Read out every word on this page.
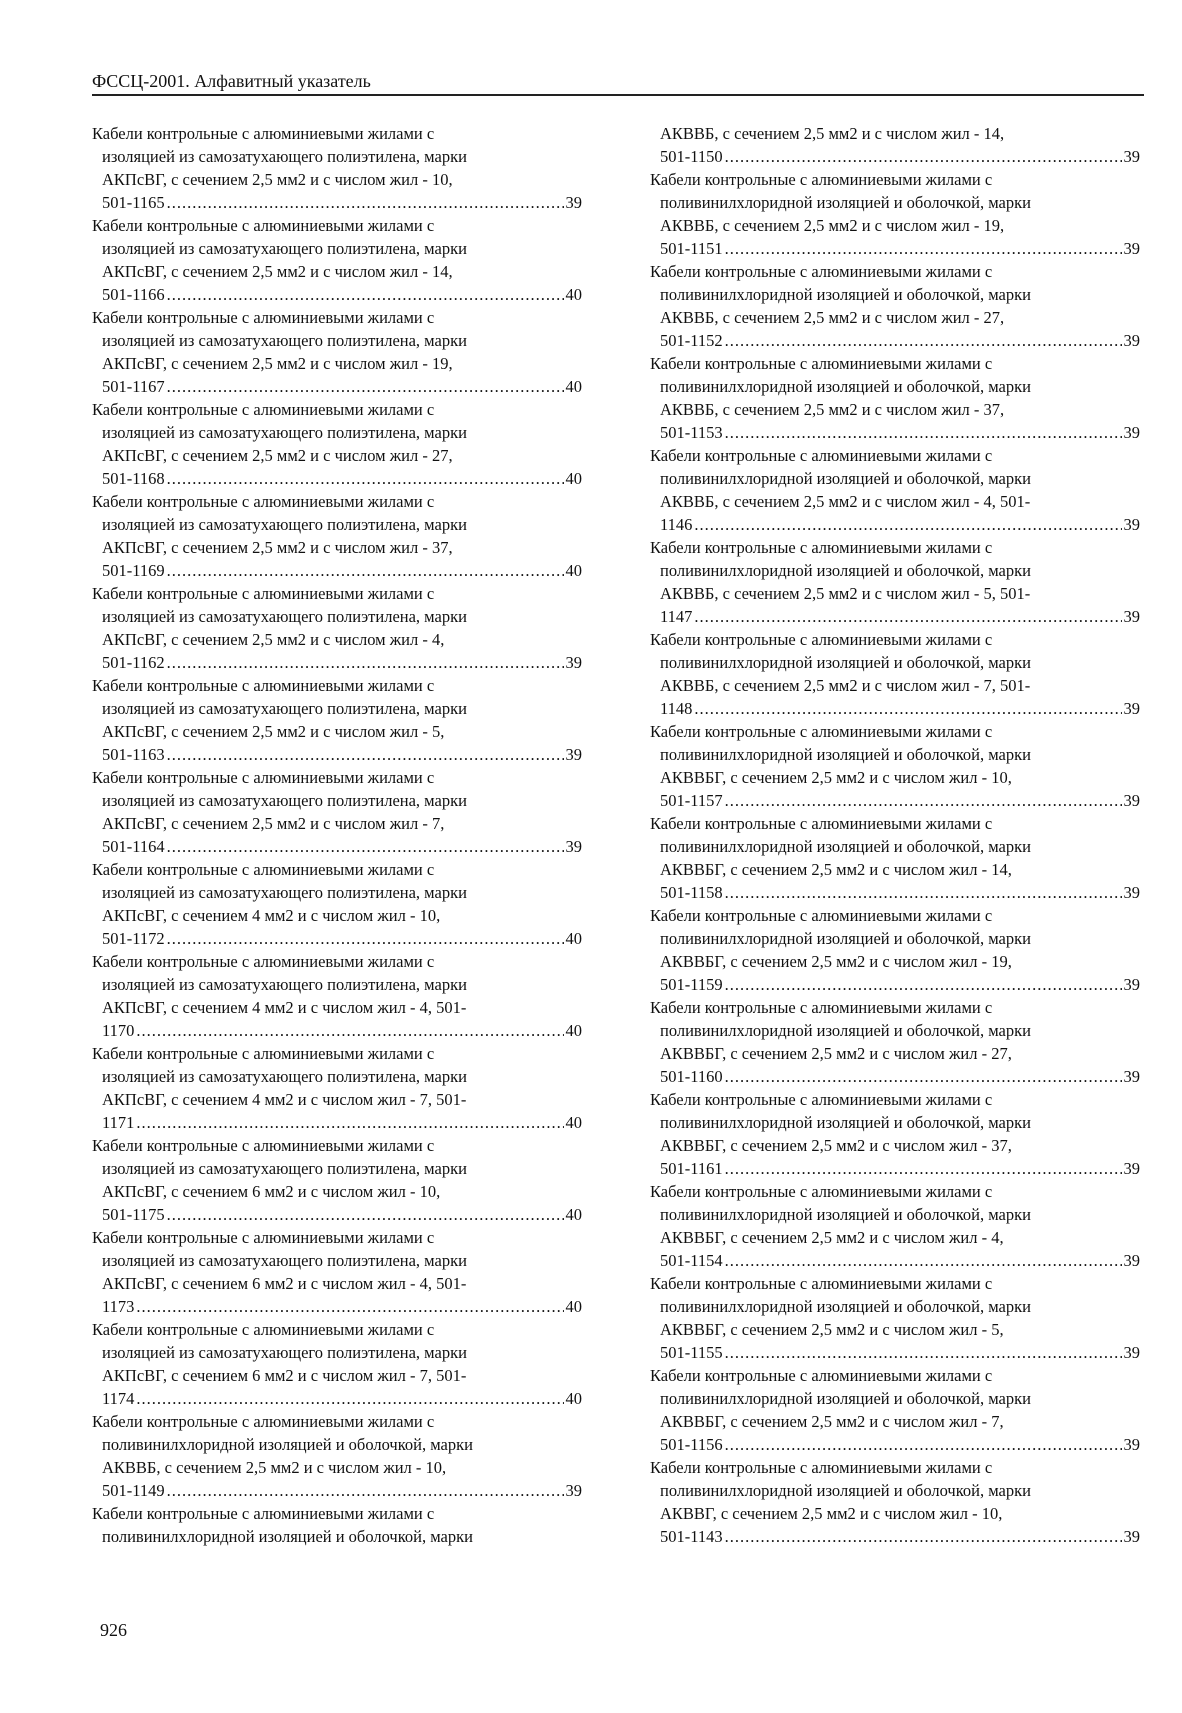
ФССЦ-2001. Алфавитный указатель
Кабели контрольные с алюминиевыми жилами с
изоляцией из самозатухающего полиэтилена, марки
АКПсВГ, с сечением 2,5 мм2 и с числом жил - 10,
501-1165 .....	39
Кабели контрольные с алюминиевыми жилами с
изоляцией из самозатухающего полиэтилена, марки
АКПсВГ, с сечением 2,5 мм2 и с числом жил - 14,
501-1166 .....	40
Кабели контрольные с алюминиевыми жилами с
изоляцией из самозатухающего полиэтилена, марки
АКПсВГ, с сечением 2,5 мм2 и с числом жил - 19,
501-1167 .....	40
Кабели контрольные с алюминиевыми жилами с
изоляцией из самозатухающего полиэтилена, марки
АКПсВГ, с сечением 2,5 мм2 и с числом жил - 27,
501-1168 .....	40
Кабели контрольные с алюминиевыми жилами с
изоляцией из самозатухающего полиэтилена, марки
АКПсВГ, с сечением 2,5 мм2 и с числом жил - 37,
501-1169 .....	40
Кабели контрольные с алюминиевыми жилами с
изоляцией из самозатухающего полиэтилена, марки
АКПсВГ, с сечением 2,5 мм2 и с числом жил - 4,
501-1162 .....	39
Кабели контрольные с алюминиевыми жилами с
изоляцией из самозатухающего полиэтилена, марки
АКПсВГ, с сечением 2,5 мм2 и с числом жил - 5,
501-1163 .....	39
Кабели контрольные с алюминиевыми жилами с
изоляцией из самозатухающего полиэтилена, марки
АКПсВГ, с сечением 2,5 мм2 и с числом жил - 7,
501-1164 .....	39
Кабели контрольные с алюминиевыми жилами с
изоляцией из самозатухающего полиэтилена, марки
АКПсВГ, с сечением 4 мм2 и с числом жил - 10,
501-1172 .....	40
Кабели контрольные с алюминиевыми жилами с
изоляцией из самозатухающего полиэтилена, марки
АКПсВГ, с сечением 4 мм2 и с числом жил - 4, 501-
1170 .....	40
Кабели контрольные с алюминиевыми жилами с
изоляцией из самозатухающего полиэтилена, марки
АКПсВГ, с сечением 4 мм2 и с числом жил - 7, 501-
1171 .....	40
Кабели контрольные с алюминиевыми жилами с
изоляцией из самозатухающего полиэтилена, марки
АКПсВГ, с сечением 6 мм2 и с числом жил - 10,
501-1175 .....	40
Кабели контрольные с алюминиевыми жилами с
изоляцией из самозатухающего полиэтилена, марки
АКПсВГ, с сечением 6 мм2 и с числом жил - 4, 501-
1173 .....	40
Кабели контрольные с алюминиевыми жилами с
изоляцией из самозатухающего полиэтилена, марки
АКПсВГ, с сечением 6 мм2 и с числом жил - 7, 501-
1174 .....	40
Кабели контрольные с алюминиевыми жилами с
поливинилхлоридной изоляцией и оболочкой, марки
АКВВБ, с сечением 2,5 мм2 и с числом жил - 10,
501-1149 .....	39
Кабели контрольные с алюминиевыми жилами с
поливинилхлоридной изоляцией и оболочкой, марки
АКВВБ, с сечением 2,5 мм2 и с числом жил - 14,
501-1150 .....	39
Кабели контрольные с алюминиевыми жилами с
поливинилхлоридной изоляцией и оболочкой, марки
АКВВБ, с сечением 2,5 мм2 и с числом жил - 19,
501-1151 .....	39
Кабели контрольные с алюминиевыми жилами с
поливинилхлоридной изоляцией и оболочкой, марки
АКВВБ, с сечением 2,5 мм2 и с числом жил - 27,
501-1152 .....	39
Кабели контрольные с алюминиевыми жилами с
поливинилхлоридной изоляцией и оболочкой, марки
АКВВБ, с сечением 2,5 мм2 и с числом жил - 37,
501-1153 .....	39
Кабели контрольные с алюминиевыми жилами с
поливинилхлоридной изоляцией и оболочкой, марки
АКВВБ, с сечением 2,5 мм2 и с числом жил - 4, 501-
1146 .....	39
Кабели контрольные с алюминиевыми жилами с
поливинилхлоридной изоляцией и оболочкой, марки
АКВВБ, с сечением 2,5 мм2 и с числом жил - 5, 501-
1147 .....	39
Кабели контрольные с алюминиевыми жилами с
поливинилхлоридной изоляцией и оболочкой, марки
АКВВБ, с сечением 2,5 мм2 и с числом жил - 7, 501-
1148 .....	39
Кабели контрольные с алюминиевыми жилами с
поливинилхлоридной изоляцией и оболочкой, марки
АКВВБГ, с сечением 2,5 мм2 и с числом жил - 10,
501-1157 .....	39
Кабели контрольные с алюминиевыми жилами с
поливинилхлоридной изоляцией и оболочкой, марки
АКВВБГ, с сечением 2,5 мм2 и с числом жил - 14,
501-1158 .....	39
Кабели контрольные с алюминиевыми жилами с
поливинилхлоридной изоляцией и оболочкой, марки
АКВВБГ, с сечением 2,5 мм2 и с числом жил - 19,
501-1159 .....	39
Кабели контрольные с алюминиевыми жилами с
поливинилхлоридной изоляцией и оболочкой, марки
АКВВБГ, с сечением 2,5 мм2 и с числом жил - 27,
501-1160 .....	39
Кабели контрольные с алюминиевыми жилами с
поливинилхлоридной изоляцией и оболочкой, марки
АКВВБГ, с сечением 2,5 мм2 и с числом жил - 37,
501-1161 .....	39
Кабели контрольные с алюминиевыми жилами с
поливинилхлоридной изоляцией и оболочкой, марки
АКВВБГ, с сечением 2,5 мм2 и с числом жил - 4,
501-1154 .....	39
Кабели контрольные с алюминиевыми жилами с
поливинилхлоридной изоляцией и оболочкой, марки
АКВВБГ, с сечением 2,5 мм2 и с числом жил - 5,
501-1155 .....	39
Кабели контрольные с алюминиевыми жилами с
поливинилхлоридной изоляцией и оболочкой, марки
АКВВБГ, с сечением 2,5 мм2 и с числом жил - 7,
501-1156 .....	39
Кабели контрольные с алюминиевыми жилами с
поливинилхлоридной изоляцией и оболочкой, марки
АКВВГ, с сечением 2,5 мм2 и с числом жил - 10,
501-1143 .....	39
926
